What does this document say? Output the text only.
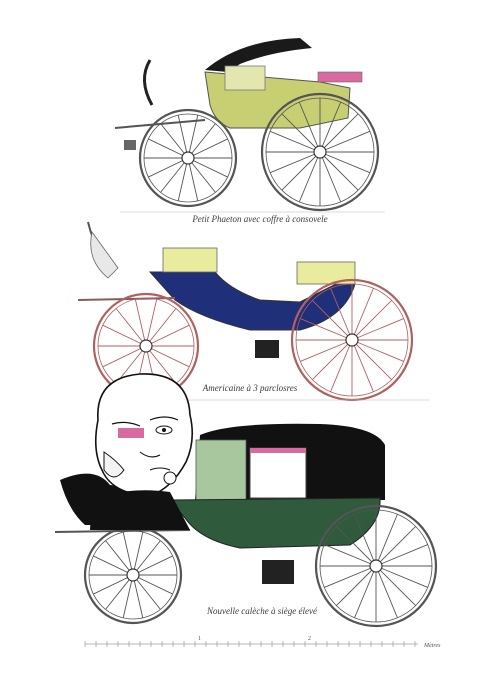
Petit Phaeton avec coffre à consovele
Americaine à 3 parclosres
Nouvelle calèche à siège élevé
1	2
Mètres
